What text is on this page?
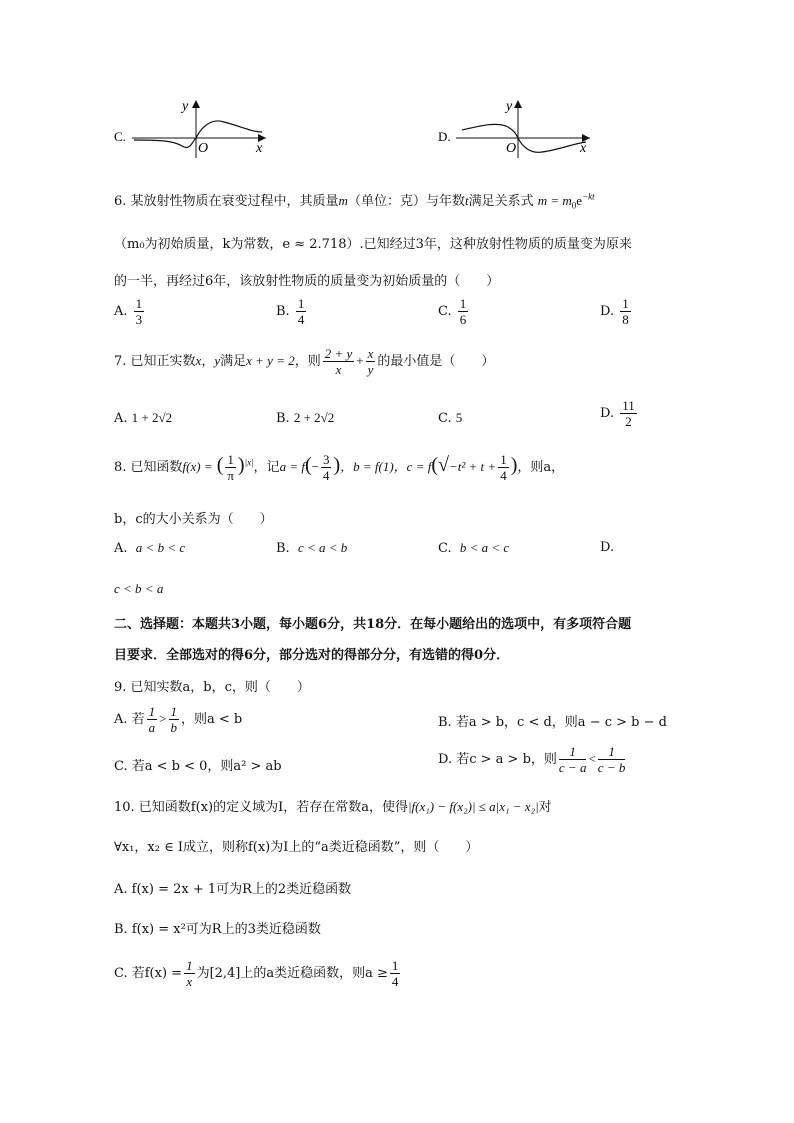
C.
y
O	x
D.
y
O	x
6. 某放射性物质在衰变过程中，其质量m（单位：克）与年数t满足关系式 $m = m_0e^{-kt}$
（m₀为初始质量，k为常数，e ≈ 2.718）.已知经过3年，这种放射性物质的质量变为原来
的一半，再经过6年，该放射性物质的质量变为初始质量的（　　）
A. $\frac{1}{3}$	B. $\frac{1}{4}$	C. $\frac{1}{6}$	D. $\frac{1}{8}$
7. 已知正实数x，y满足x + y = 2，则 $\frac{2 + y}{x} + \frac{x}{y}$ 的最小值是（　　）
A. 1 + 2√2	B. 2 + 2√2	C. 5	D. $\frac{11}{2}$
8. 已知函数f(x) = ( $\frac{1}{\pi} )^{|x|}$，记$a = f(- \frac{3}{4}$ )，b = f(1)，$c = f(√-t^2 + t + \frac{1}{4}$ )，则a，
b，c的大小关系为（　　）
A. a < b < c	B. c < a < b	C. b < a < c	D.
c < b < a
二、选择题：本题共3小题，每小题6分，共18分．在每小题给出的选项中，有多项符合题
目要求．全部选对的得6分，部分选对的得部分分，有选错的得0分．
9. 已知实数a，b，c，则（　　）
A. 若 $\frac{1}{a} > \frac{1}{b}$ ，则a < b	B. 若a > b，c < d，则a − c > b − d
C. 若a < b < 0，则a² > ab	D. 若c > a > b，则 $\frac{1}{c - a} < \frac{1}{c - b}$
10. 已知函数f(x)的定义域为I，若存在常数a，使得|f(x₁) − f(x₂)| ≤ a|x₁ − x₂|对
∀x₁，x₂ ∈ I成立，则称f(x)为I上的“a类近稳函数”，则（　　）
A. f(x) = 2x + 1可为R上的2类近稳函数
B. f(x) = x²可为R上的3类近稳函数
C. 若$f(x) = \frac{1}{x}$ 为[2,4]上的a类近稳函数，则$a \ge \frac{1}{4}$
